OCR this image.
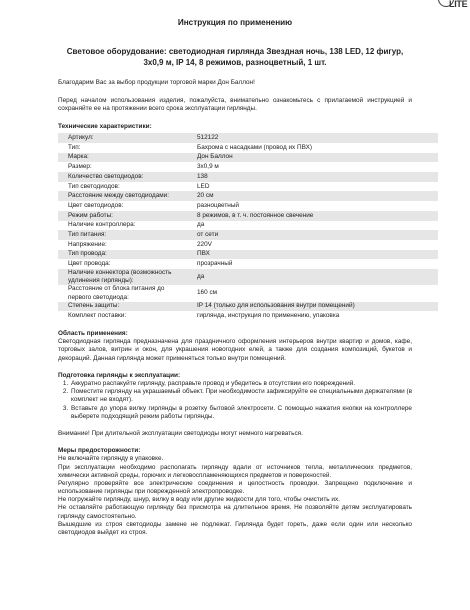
LITE
Инструкция по применению
Световое оборудование: светодиодная гирлянда Звездная ночь, 138 LED, 12 фигур, 3х0,9 м, IP 14, 8 режимов, разноцветный, 1 шт.

Благодарим Вас за выбор продукции торговой марки Дон Баллон!

Перед началом использования изделия, пожалуйста, внимательно ознакомьтесь с прилагаемой инструкцией и сохраняйте ее на протяжении всего срока эксплуатации гирлянды.

Технические характеристики:

Артикул:	512122
Тип:	Бахрома с насадками (провод их ПВХ)
Марка:	Дон Баллон
Размер:	3х0,9 м
Количество светодиодов:	138
Тип светодиодов:	LED
Расстояние между светодиодами:	20 см
Цвет светодиодов:	разноцветный
Режим работы:	8 режимов, в т. ч. постоянное свечение
Наличие контроллера:	да
Тип питания:	от сети
Напряжение:	220V
Тип провода:	ПВХ
Цвет провода:	прозрачный
Наличие коннектора (возможность удлинения гирлянды):	да
Расстояние от блока питания до первого светодиода:	160 см
Степень защиты:	IP 14 (только для использования внутри помещений)
Комплект поставки:	гирлянда, инструкция по применению, упаковка

Область применения:

Светодиодная гирлянда предназначена для праздничного оформления интерьеров внутри квартир и домов, кафе, торговых залов, витрин и окон, для украшения новогодних елей, а также для создания композиций, букетов и декораций. Данная гирлянда может применяться только внутри помещений.

Подготовка гирлянды к эксплуатации:

1. Аккуратно распакуйте гирлянду, расправьте провод и убедитесь в отсутствии его повреждений.
2. Поместите гирлянду на украшаемый объект. При необходимости зафиксируйте ее специальными держателями (в комплект не входят).
3. Вставьте до упора вилку гирлянды в розетку бытовой электросети. С помощью нажатия кнопки на контроллере выберете подходящий режим работы гирлянды.

Внимание! При длительной эксплуатации светодиоды могут немного нагреваться.

Меры предосторожности:

Не включайте гирлянду в упаковке.

При эксплуатации необходимо располагать гирлянду вдали от источников тепла, металлических предметов, химически активной среды, горючих и легковоспламеняющихся предметов и поверхностей.

Регулярно проверяйте все электрические соединения и целостность проводки. Запрещено подключение и использование гирлянды при поврежденной электропроводке.

Не погружайте гирлянду, шнур, вилку в воду или другие жидкости для того, чтобы очистить их.

Не оставляйте работающую гирлянду без присмотра на длительное время. Не позволяйте детям эксплуатировать гирлянду самостоятельно.

Вышедшие из строя светодиоды замене не подлежат. Гирлянда будет гореть, даже если один или несколько светодиодов выйдет из строя.
